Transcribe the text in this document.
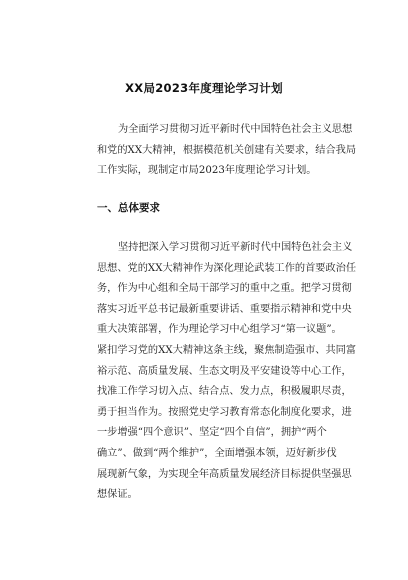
XX局2023年度理论学习计划

为全面学习贯彻习近平新时代中国特色社会主义思想
和党的XX大精神，根据模范机关创建有关要求，结合我局
工作实际，现制定市局2023年度理论学习计划。

一、总体要求

坚持把深入学习贯彻习近平新时代中国特色社会主义
思想、党的XX大精神作为深化理论武装工作的首要政治任
务，作为中心组和全局干部学习的重中之重。把学习贯彻
落实习近平总书记最新重要讲话、重要指示精神和党中央
重大决策部署，作为理论学习中心组学习“第一议题”。
紧扣学习党的XX大精神这条主线，聚焦制造强市、共同富
裕示范、高质量发展、生态文明及平安建设等中心工作，
找准工作学习切入点、结合点、发力点，积极履职尽责，
勇于担当作为。按照党史学习教育常态化制度化要求，进
一步增强“四个意识”、坚定“四个自信”，拥护“两个
确立”、做到“两个维护”，全面增强本领，迈好新步伐
展现新气象，为实现全年高质量发展经济目标提供坚强思
想保证。
